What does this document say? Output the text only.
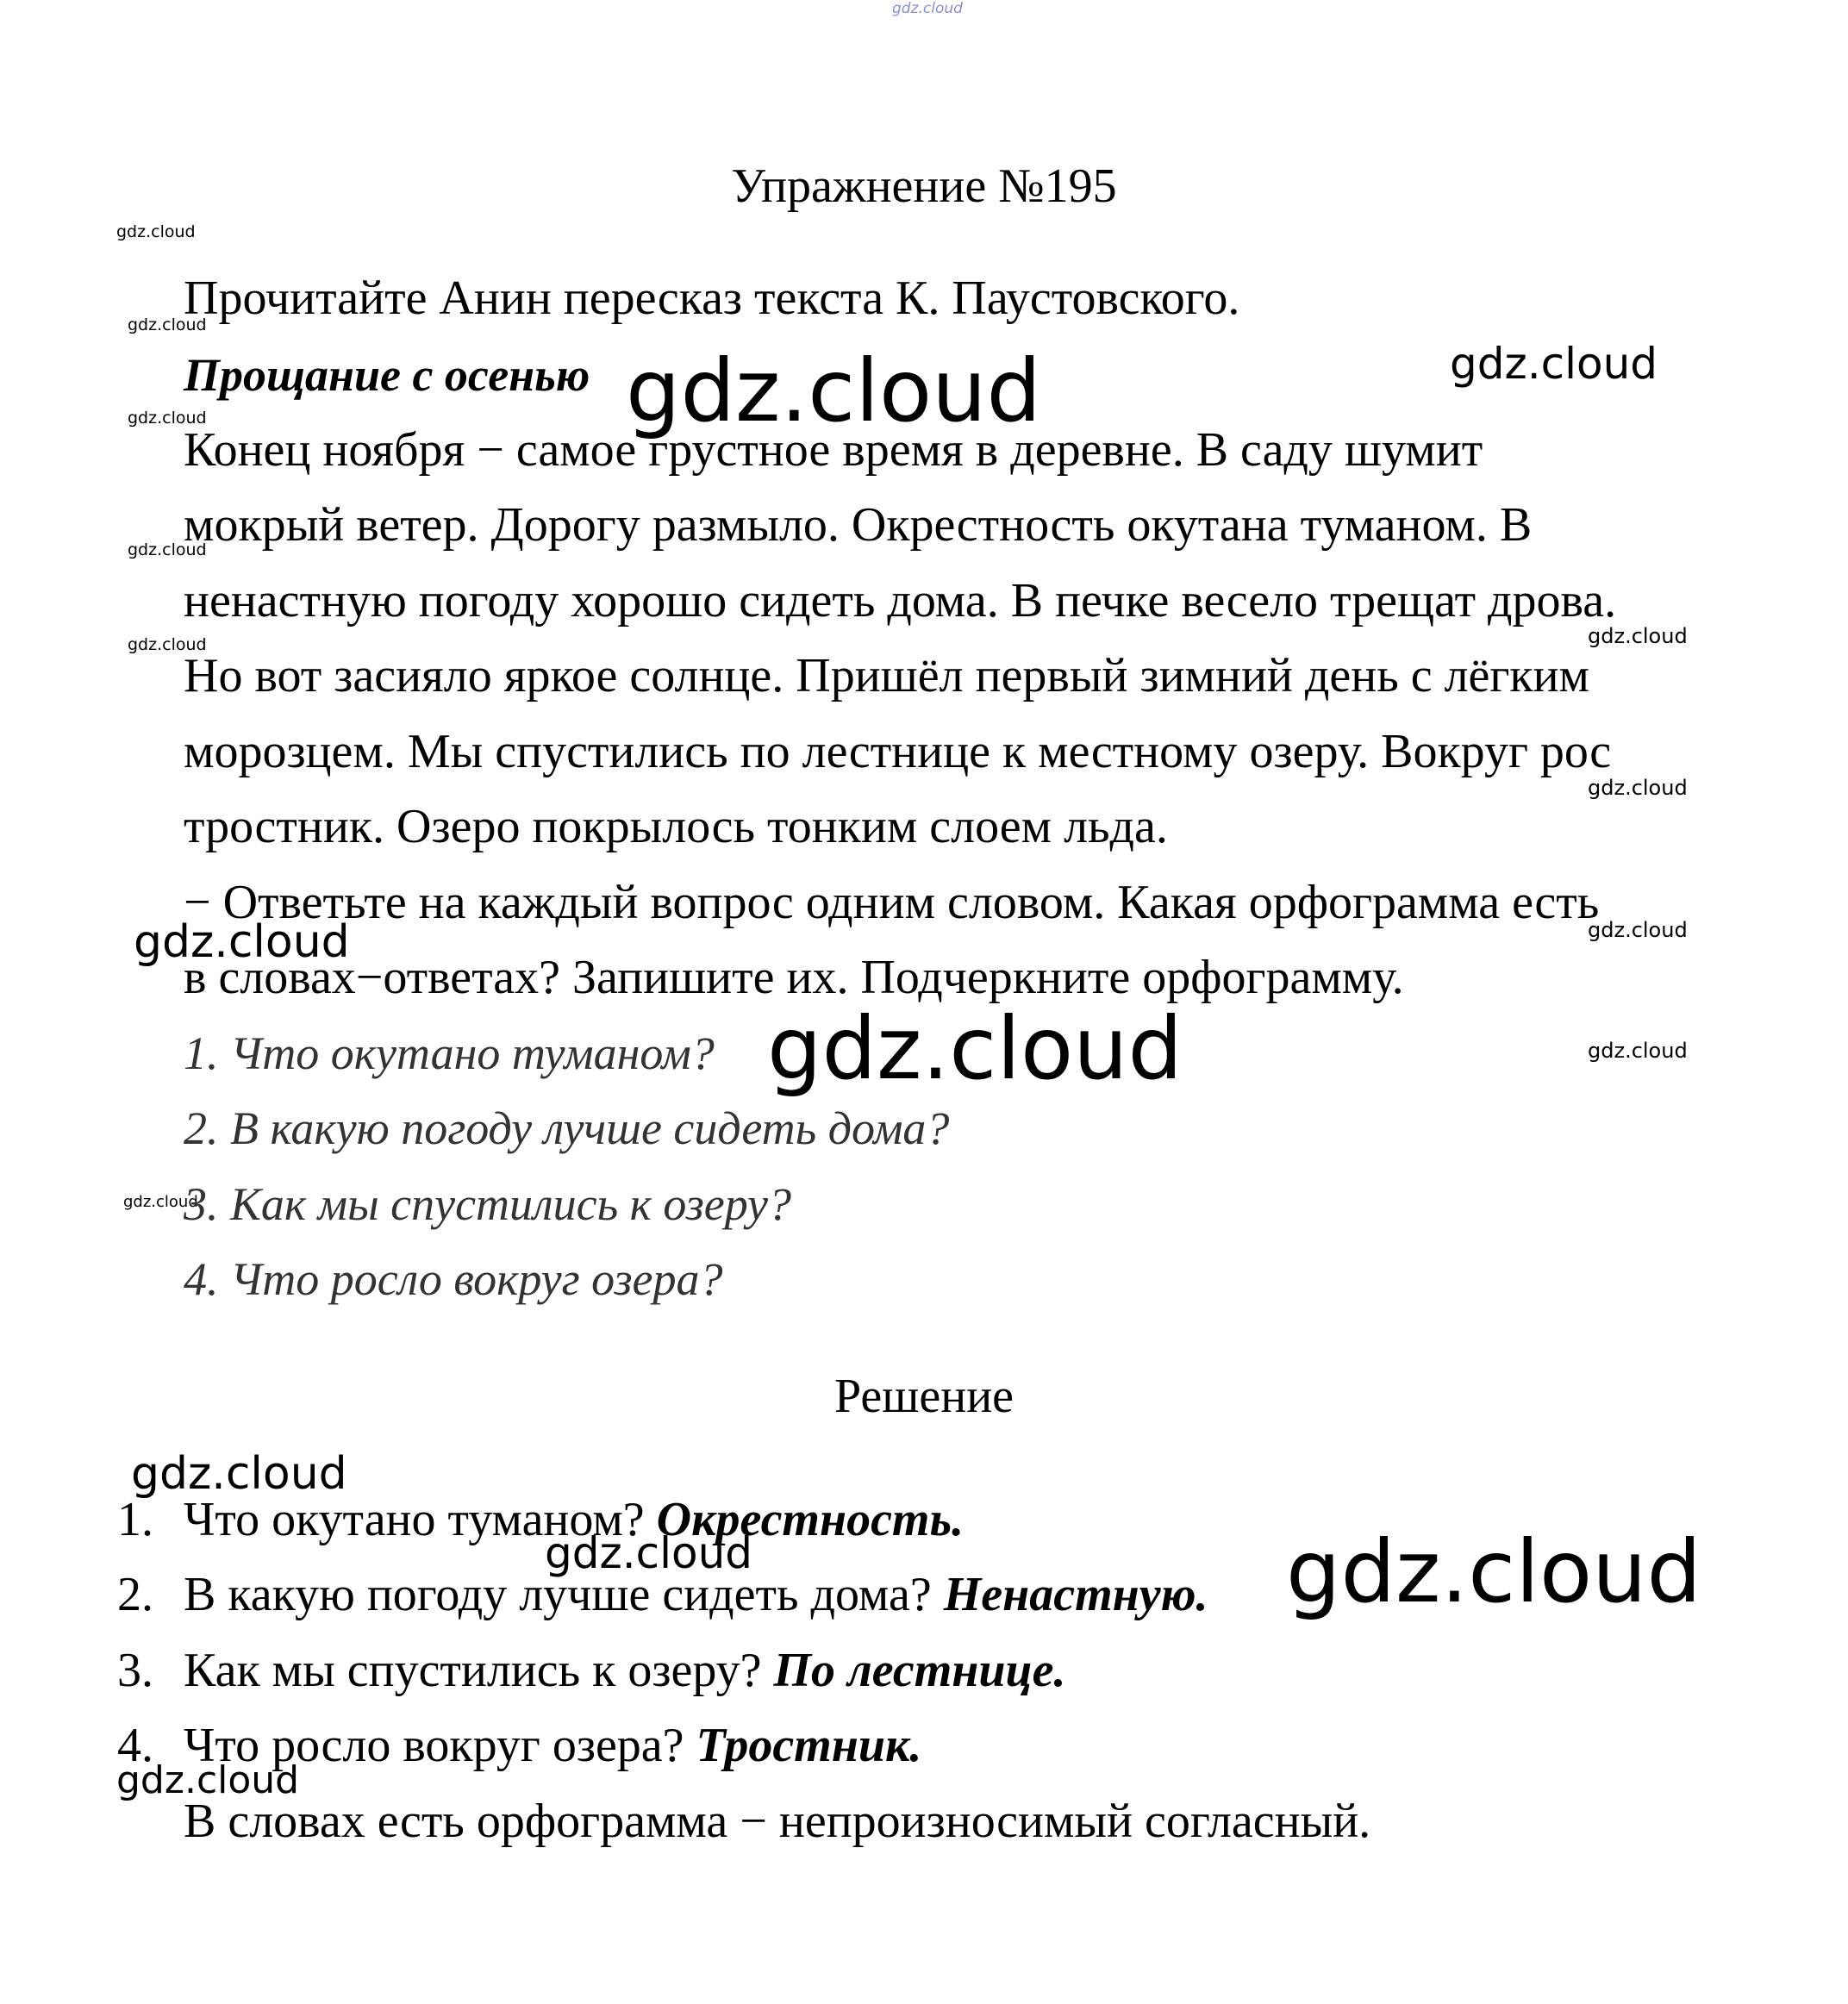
gdz.cloud
gdz.cloud
gdz.cloud
gdz.cloud
gdz.cloud
gdz.cloud
gdz.cloud
gdz.cloud
gdz.cloud
gdz.cloud
gdz.cloud
gdz.cloud
gdz.cloud	gdz.cloud
gdz.cloud
gdz.cloud
gdz.cloud	gdz.cloud
gdz.cloud
Упражнение №195
Прочитайте Анин пересказ текста К. Паустовского.
Прощание с осенью
Конец ноября − самое грустное время в деревне. В саду шумит
мокрый ветер. Дорогу размыло. Окрестность окутана туманом. В
ненастную погоду хорошо сидеть дома. В печке весело трещат дрова.
Но вот засияло яркое солнце. Пришёл первый зимний день с лёгким
морозцем. Мы спустились по лестнице к местному озеру. Вокруг рос
тростник. Озеро покрылось тонким слоем льда.
− Ответьте на каждый вопрос одним словом. Какая орфограмма есть
в словах−ответах? Запишите их. Подчеркните орфограмму.
1. Что окутано туманом?
2. В какую погоду лучше сидеть дома?
3. Как мы спустились к озеру?
4. Что росло вокруг озера?
Решение
1. Что окутано туманом? Окрестность.
2. В какую погоду лучше сидеть дома? Ненастную.
3. Как мы спустились к озеру? По лестнице.
4. Что росло вокруг озера? Тростник.
В словах есть орфограмма − непроизносимый согласный.
